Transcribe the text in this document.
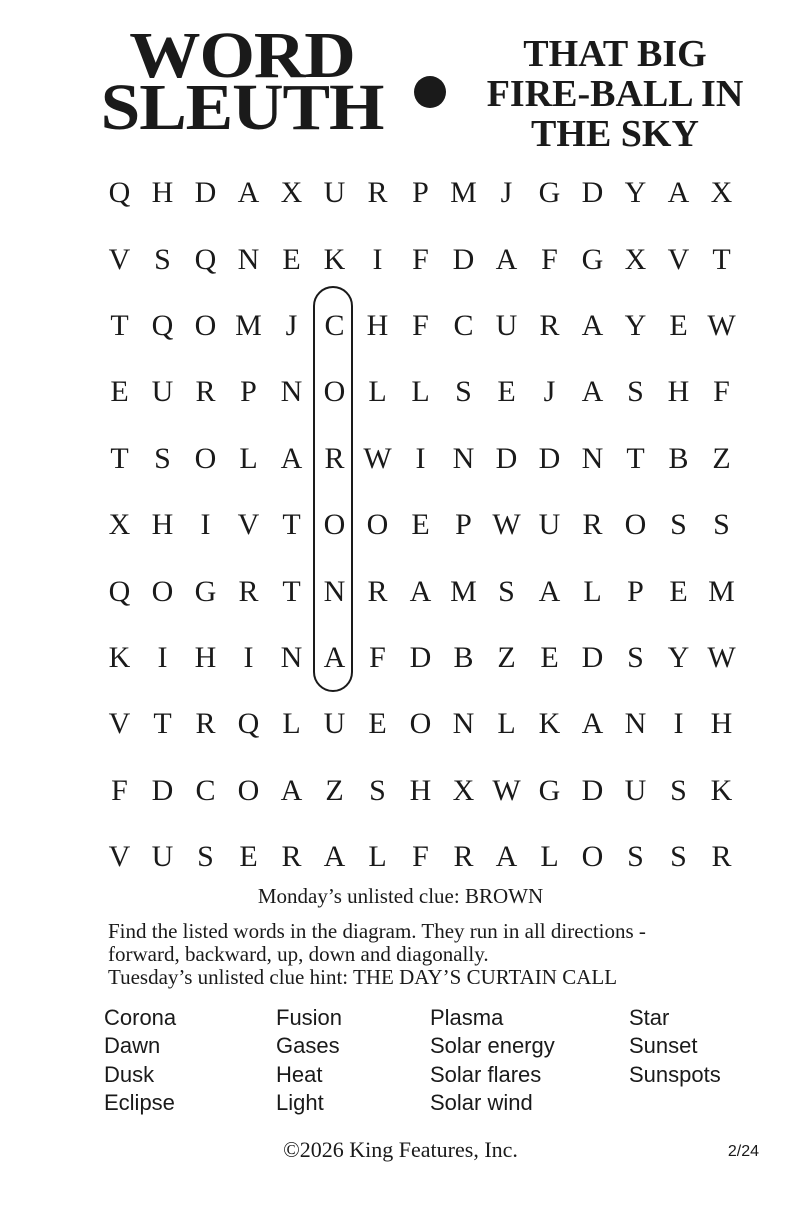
WORD
SLEUTH
THAT BIG
FIRE-BALL IN
THE SKY
Q H D A X U R P M J G D Y A X
V S Q N E K I F D A F G X V T
T Q O M J C H F C U R A Y E W
E U R P N O L L S E J A S H F
T S O L A R W I N D D N T B Z
X H I V T O O E P W U R O S S
Q O G R T N R A M S A L P E M
K I H I N A F D B Z E D S Y W
V T R Q L U E O N L K A N I H
F D C O A Z S H X W G D U S K
V U S E R A L F R A L O S S R
Monday’s unlisted clue: BROWN
Find the listed words in the diagram. They run in all directions -
forward, backward, up, down and diagonally.
Tuesday’s unlisted clue hint: THE DAY’S CURTAIN CALL
Corona
Dawn
Dusk
Eclipse
Fusion
Gases
Heat
Light
Plasma
Solar energy
Solar flares
Solar wind
Star
Sunset
Sunspots
©2026 King Features, Inc.	2/24
